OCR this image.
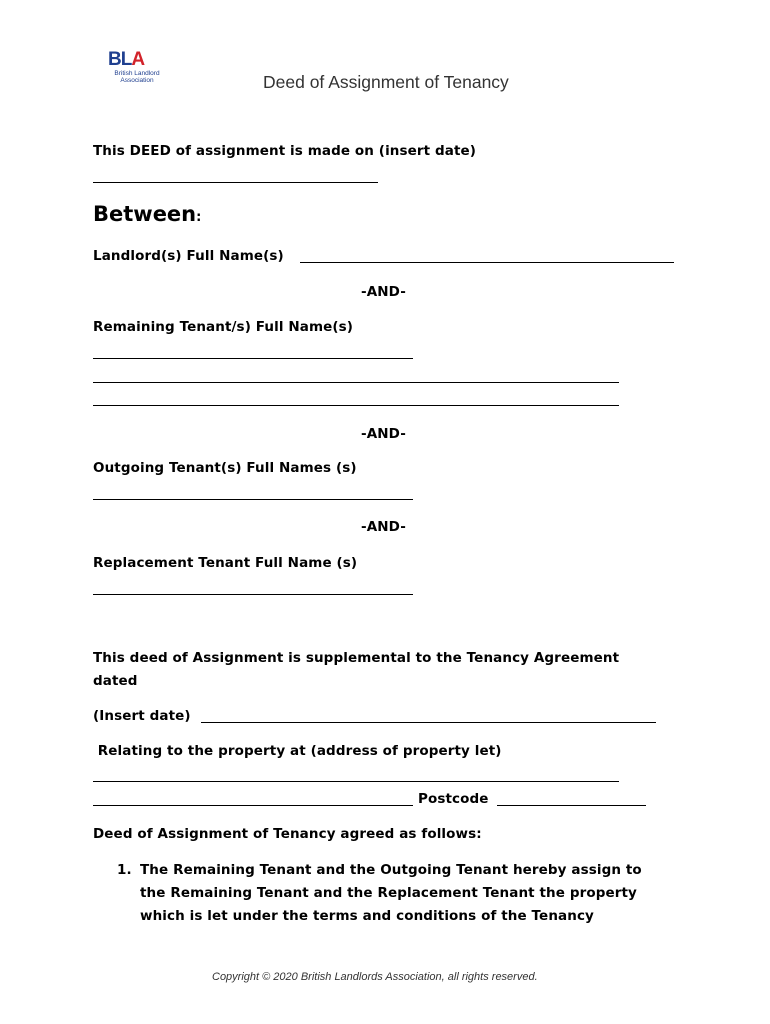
BLA
British Landlord
Association	Deed of Assignment of Tenancy
This DEED of assignment is made on (insert date)
Between:
Landlord(s) Full Name(s)
-AND-
Remaining Tenant/s) Full Name(s)
-AND-
Outgoing Tenant(s) Full Names (s)
-AND-
Replacement Tenant Full Name (s)
This deed of Assignment is supplemental to the Tenancy Agreement
dated
(Insert date)
Relating to the property at (address of property let)
Postcode
Deed of Assignment of Tenancy agreed as follows:
1. The Remaining Tenant and the Outgoing Tenant hereby assign to
the Remaining Tenant and the Replacement Tenant the property
which is let under the terms and conditions of the Tenancy
Copyright © 2020 British Landlords Association, all rights reserved.
